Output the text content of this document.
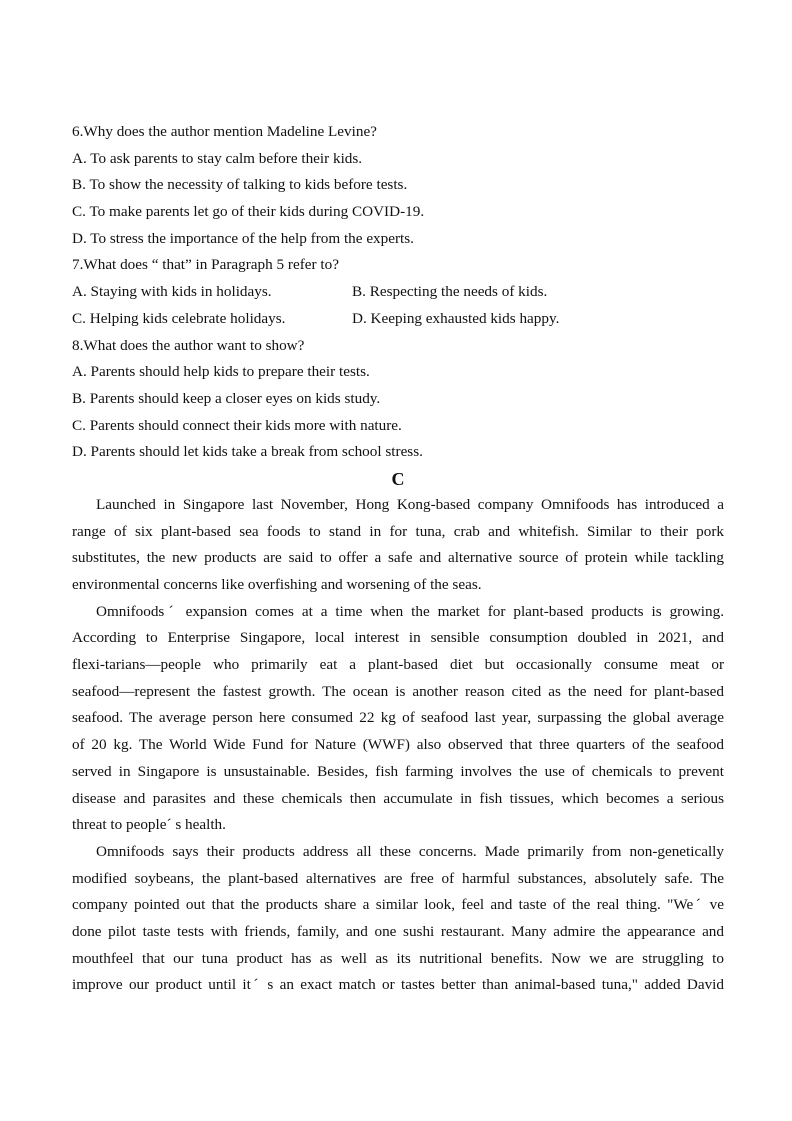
6.Why does the author mention Madeline Levine?
A. To ask parents to stay calm before their kids.
B. To show the necessity of talking to kids before tests.
C. To make parents let go of their kids during COVID-19.
D. To stress the importance of the help from the experts.
7.What does “ that” in Paragraph 5 refer to?
A. Staying with kids in holidays.	B. Respecting the needs of kids.
C. Helping kids celebrate holidays.	D. Keeping exhausted kids happy.
8.What does the author want to show?
A. Parents should help kids to prepare their tests.
B. Parents should keep a closer eyes on kids study.
C. Parents should connect their kids more with nature.
D. Parents should let kids take a break from school stress.
C
Launched in Singapore last November, Hong Kong-based company Omnifoods has introduced a
range of six plant-based sea foods to stand in for tuna, crab and whitefish. Similar to their pork
substitutes, the new products are said to offer a safe and alternative source of protein while tackling
environmental concerns like overfishing and worsening of the seas.
Omnifoodsˊ expansion comes at a time when the market for plant-based products is growing.
According to Enterprise Singapore, local interest in sensible consumption doubled in 2021, and
flexi-tarians—people who primarily eat a plant-based diet but occasionally consume meat or
seafood—represent the fastest growth. The ocean is another reason cited as the need for plant-based
seafood. The average person here consumed 22 kg of seafood last year, surpassing the global average
of 20 kg. The World Wide Fund for Nature (WWF) also observed that three quarters of the seafood
served in Singapore is unsustainable. Besides, fish farming involves the use of chemicals to prevent
disease and parasites and these chemicals then accumulate in fish tissues, which becomes a serious
threat to peopleˊ s health.
Omnifoods says their products address all these concerns. Made primarily from non-genetically
modified soybeans, the plant-based alternatives are free of harmful substances, absolutely safe. The
company pointed out that the products share a similar look, feel and taste of the real thing. "Weˊ ve
done pilot taste tests with friends, family, and one sushi restaurant. Many admire the appearance and
mouthfeel that our tuna product has as well as its nutritional benefits. Now we are struggling to
improve our product until itˊ s an exact match or tastes better than animal-based tuna," added David
